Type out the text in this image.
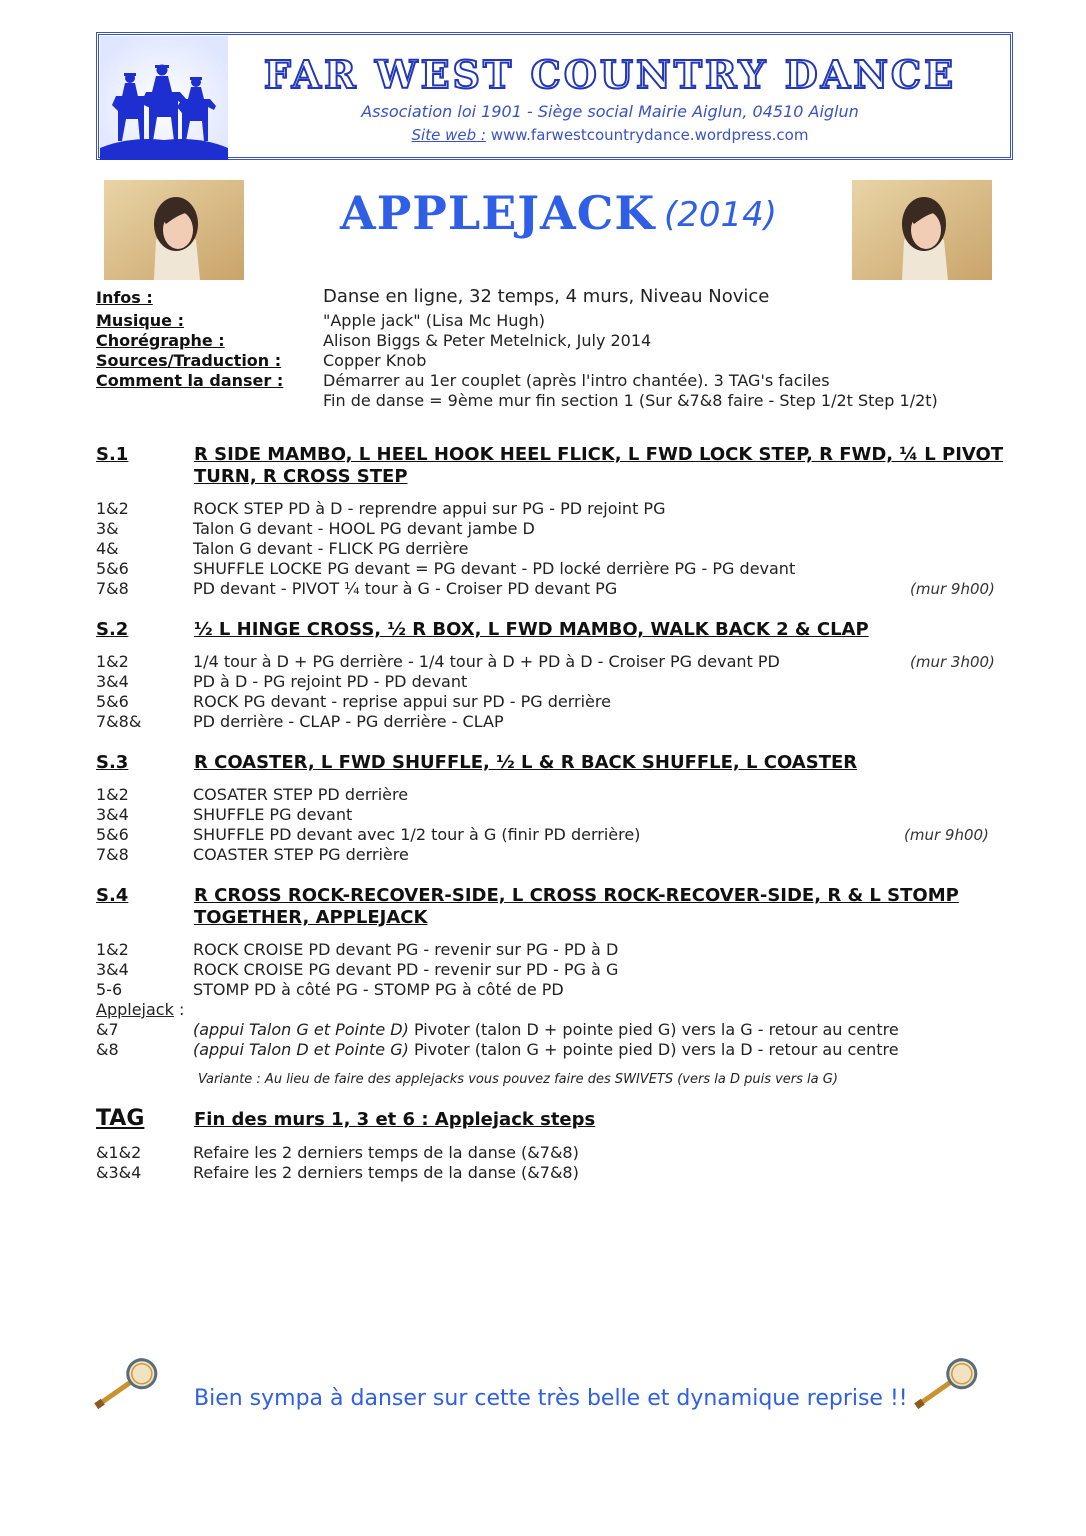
FAR WEST COUNTRY DANCE
Association loi 1901 - Siège social Mairie Aiglun, 04510 Aiglun
Site web : www.farwestcountrydance.wordpress.com
APPLEJACK (2014)
Infos :	Danse en ligne, 32 temps, 4 murs, Niveau Novice
Musique :	"Apple jack" (Lisa Mc Hugh)
Chorégraphe :	Alison Biggs & Peter Metelnick, July 2014
Sources/Traduction :	Copper Knob
Comment la danser : Démarrer au 1er couplet (après l'intro chantée). 3 TAG's faciles
Fin de danse = 9ème mur fin section 1 (Sur &7&8 faire - Step 1/2t Step 1/2t)
S.1	R SIDE MAMBO, L HEEL HOOK HEEL FLICK, L FWD LOCK STEP, R FWD, ¼ L PIVOT TURN, R CROSS STEP
1&2	ROCK STEP PD à D - reprendre appui sur PG - PD rejoint PG
3&	Talon G devant - HOOL PG devant jambe D
4&	Talon G devant - FLICK PG derrière
5&6	SHUFFLE LOCKE PG devant = PG devant - PD locké derrière PG - PG devant
7&8	PD devant - PIVOT ¼ tour à G - Croiser PD devant PG	(mur 9h00)
S.2	½ L HINGE CROSS, ½ R BOX, L FWD MAMBO, WALK BACK 2 & CLAP
1&2	1/4 tour à D + PG derrière - 1/4 tour à D + PD à D - Croiser PG devant PD	(mur 3h00)
3&4	PD à D - PG rejoint PD - PD devant
5&6	ROCK PG devant - reprise appui sur PD - PG derrière
7&8&	PD derrière - CLAP - PG derrière - CLAP
S.3	R COASTER, L FWD SHUFFLE, ½ L & R BACK SHUFFLE, L COASTER
1&2	COSATER STEP PD derrière
3&4	SHUFFLE PG devant
5&6	SHUFFLE PD devant avec 1/2 tour à G (finir PD derrière)	(mur 9h00)
7&8	COASTER STEP PG derrière
S.4	R CROSS ROCK-RECOVER-SIDE, L CROSS ROCK-RECOVER-SIDE, R & L STOMP TOGETHER, APPLEJACK
1&2	ROCK CROISE PD devant PG - revenir sur PG - PD à D
3&4	ROCK CROISE PG devant PD - revenir sur PD - PG à G
5-6	STOMP PD à côté PG - STOMP PG à côté de PD
Applejack :
&7	(appui Talon G et Pointe D) Pivoter (talon D + pointe pied G) vers la G - retour au centre
&8	(appui Talon D et Pointe G) Pivoter (talon G + pointe pied D) vers la D - retour au centre
Variante : Au lieu de faire des applejacks vous pouvez faire des SWIVETS (vers la D puis vers la G)
TAG	Fin des murs 1, 3 et 6 : Applejack steps
&1&2	Refaire les 2 derniers temps de la danse (&7&8)
&3&4	Refaire les 2 derniers temps de la danse (&7&8)
Bien sympa à danser sur cette très belle et dynamique reprise !!
